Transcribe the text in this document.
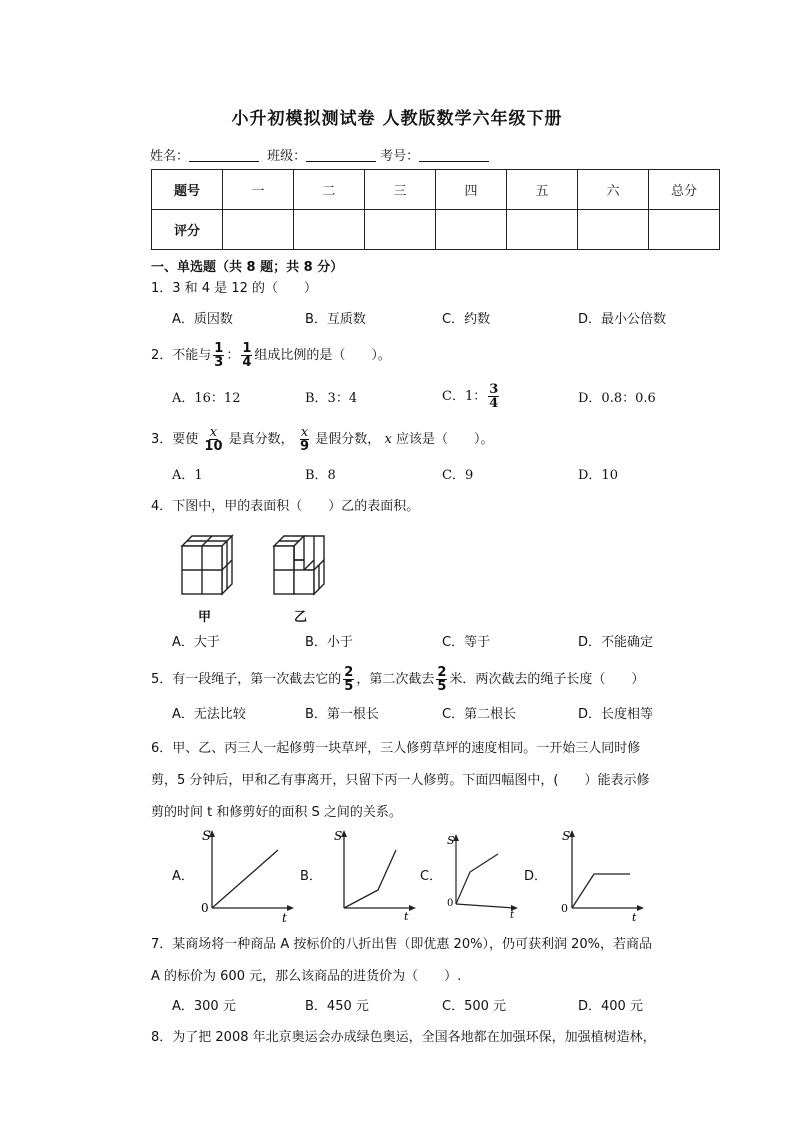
小升初模拟测试卷 人教版数学六年级下册
姓名：	班级：	考号：
题号	一	二	三	四	五	六	总分
评分							
一、单选题（共 8 题；共 8 分）
1．3 和 4 是 12 的（　　）
A．质因数	B．互质数	C．约数	D．最小公倍数
2．不能与 $\frac{1}{3}$ ： $\frac{1}{4}$ 组成比例的是（　　）。
A．16：12	B．3：4	C．1： $\frac{3}{4}$	D．0.8：0.6
3．要使 $\frac{x}{10}$ 是真分数， $\frac{x}{9}$ 是假分数， x 应该是（　　）。
A．1	B．8	C．9	D．10
4．下图中，甲的表面积（　　）乙的表面积。
甲	乙
A．大于	B．小于	C．等于	D．不能确定
5．有一段绳子，第一次截去它的 $\frac{2}{5}$ ，第二次截去 $\frac{2}{5}$ 米．两次截去的绳子长度（　　）
A．无法比较	B．第一根长	C．第二根长	D．长度相等
6．甲、乙、丙三人一起修剪一块草坪，三人修剪草坪的速度相同。一开始三人同时修
剪，5 分钟后，甲和乙有事离开，只留下丙一人修剪。下面四幅图中，(　　）能表示修
剪的时间 t 和修剪好的面积 S 之间的关系。
A．	B．	C．	D．
S
0
t
S
t
S
0
t
S
0
t
7．某商场将一种商品 A 按标价的八折出售（即优惠 20%），仍可获利润 20%，若商品
A 的标价为 600 元，那么该商品的进货价为（　　）.
A．300 元	B．450 元	C．500 元	D．400 元
8．为了把 2008 年北京奥运会办成绿色奥运，全国各地都在加强环保，加强植树造林，
